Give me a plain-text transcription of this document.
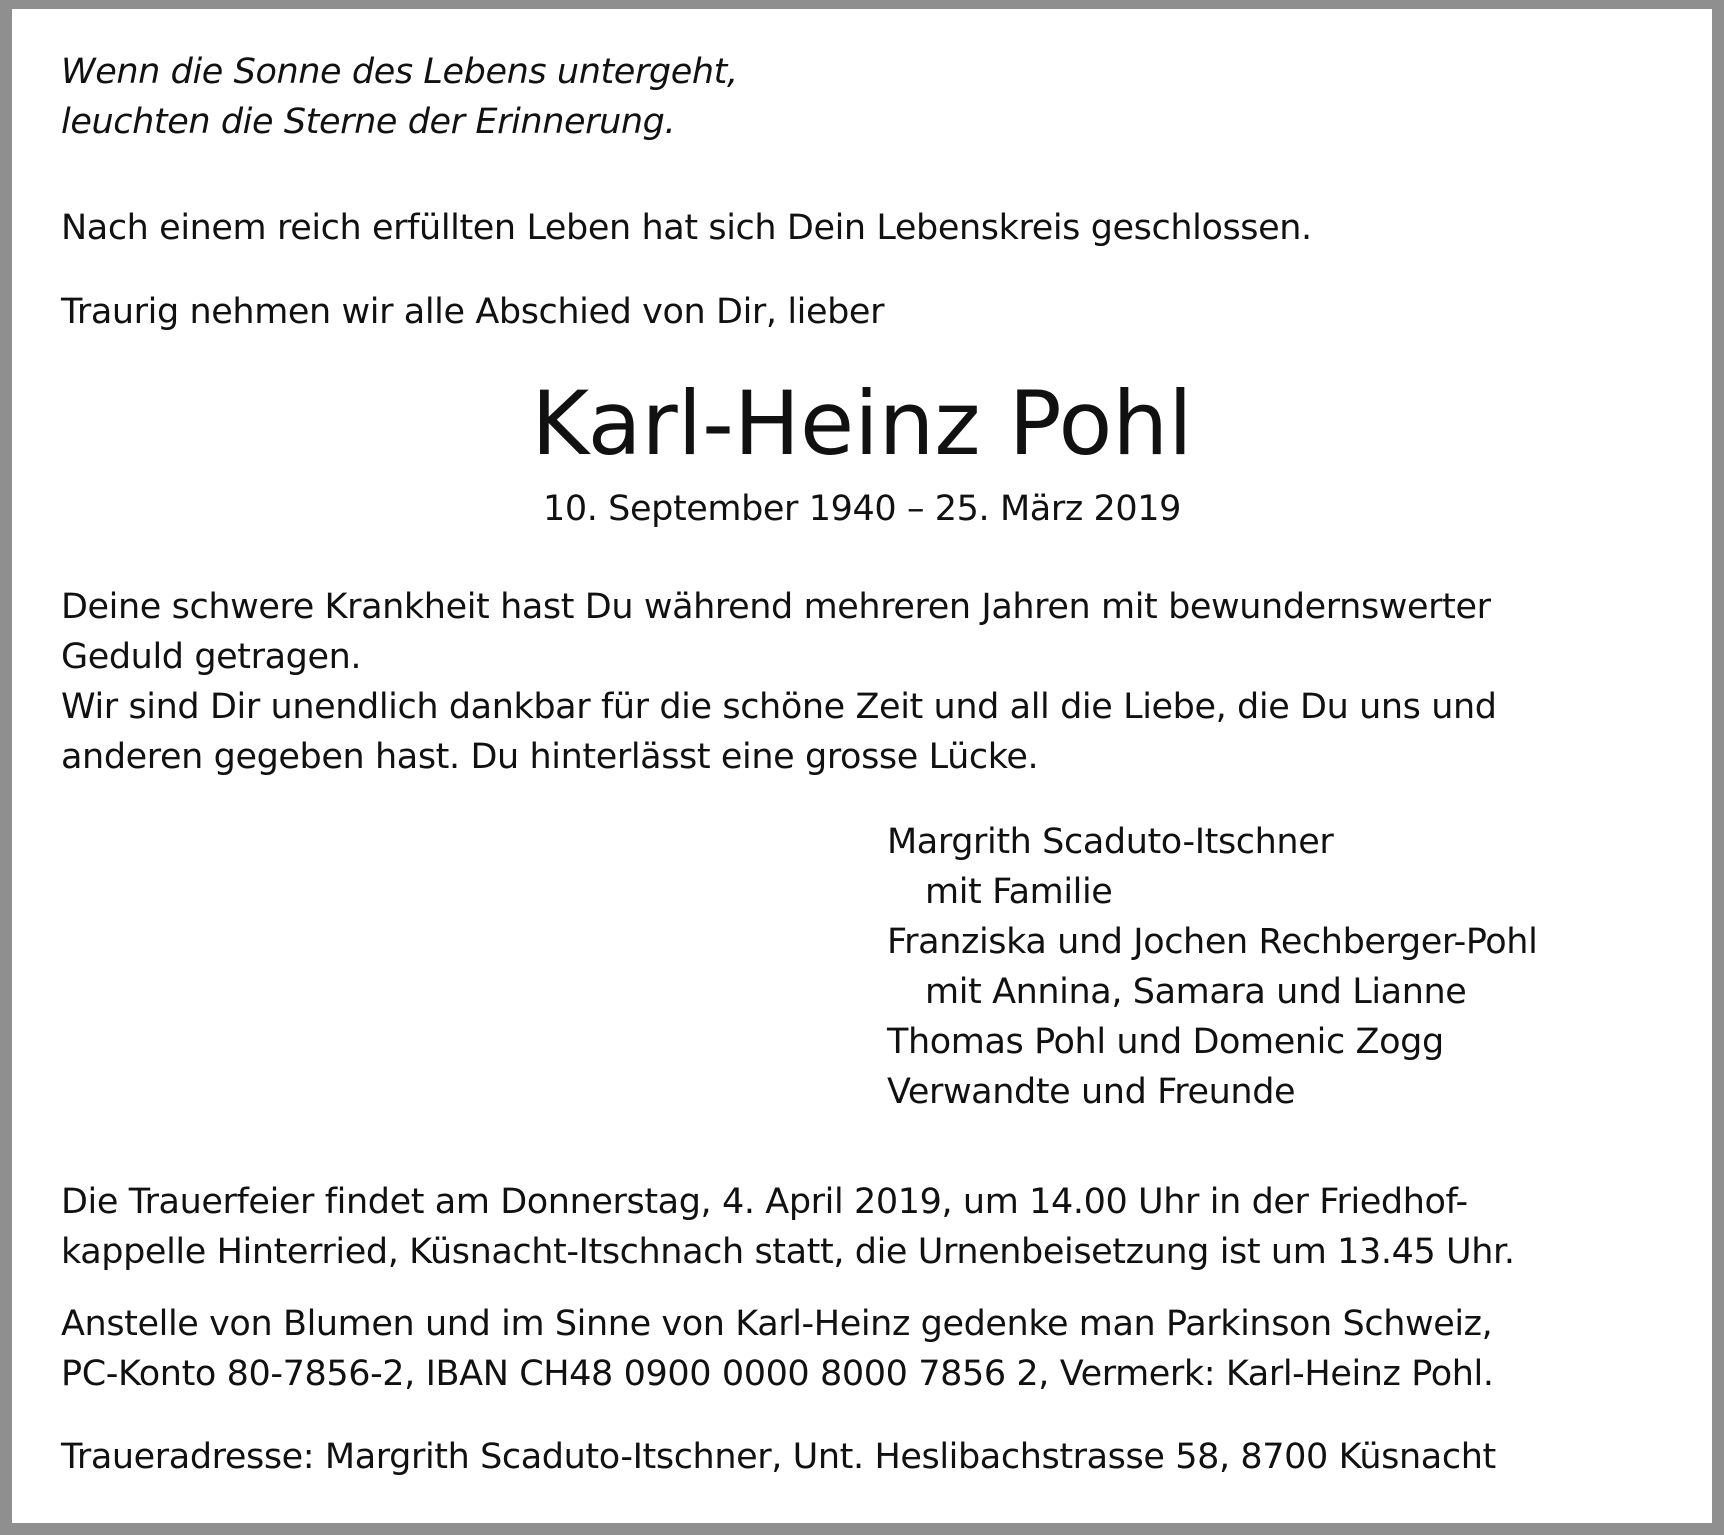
Wenn die Sonne des Lebens untergeht,
leuchten die Sterne der Erinnerung.
Nach einem reich erfüllten Leben hat sich Dein Lebenskreis geschlossen.
Traurig nehmen wir alle Abschied von Dir, lieber
Karl-Heinz Pohl
10. September 1940 – 25. März 2019
Deine schwere Krankheit hast Du während mehreren Jahren mit bewundernswerter
Geduld getragen.
Wir sind Dir unendlich dankbar für die schöne Zeit und all die Liebe, die Du uns und
anderen gegeben hast. Du hinterlässt eine grosse Lücke.
Margrith Scaduto-Itschner
mit Familie
Franziska und Jochen Rechberger-Pohl
mit Annina, Samara und Lianne
Thomas Pohl und Domenic Zogg
Verwandte und Freunde
Die Trauerfeier findet am Donnerstag, 4. April 2019, um 14.00 Uhr in der Friedhof-
kappelle Hinterried, Küsnacht-Itschnach statt, die Urnenbeisetzung ist um 13.45 Uhr.
Anstelle von Blumen und im Sinne von Karl-Heinz gedenke man Parkinson Schweiz,
PC-Konto 80-7856-2, IBAN CH48 0900 0000 8000 7856 2, Vermerk: Karl-Heinz Pohl.
Traueradresse: Margrith Scaduto-Itschner, Unt. Heslibachstrasse 58, 8700 Küsnacht
